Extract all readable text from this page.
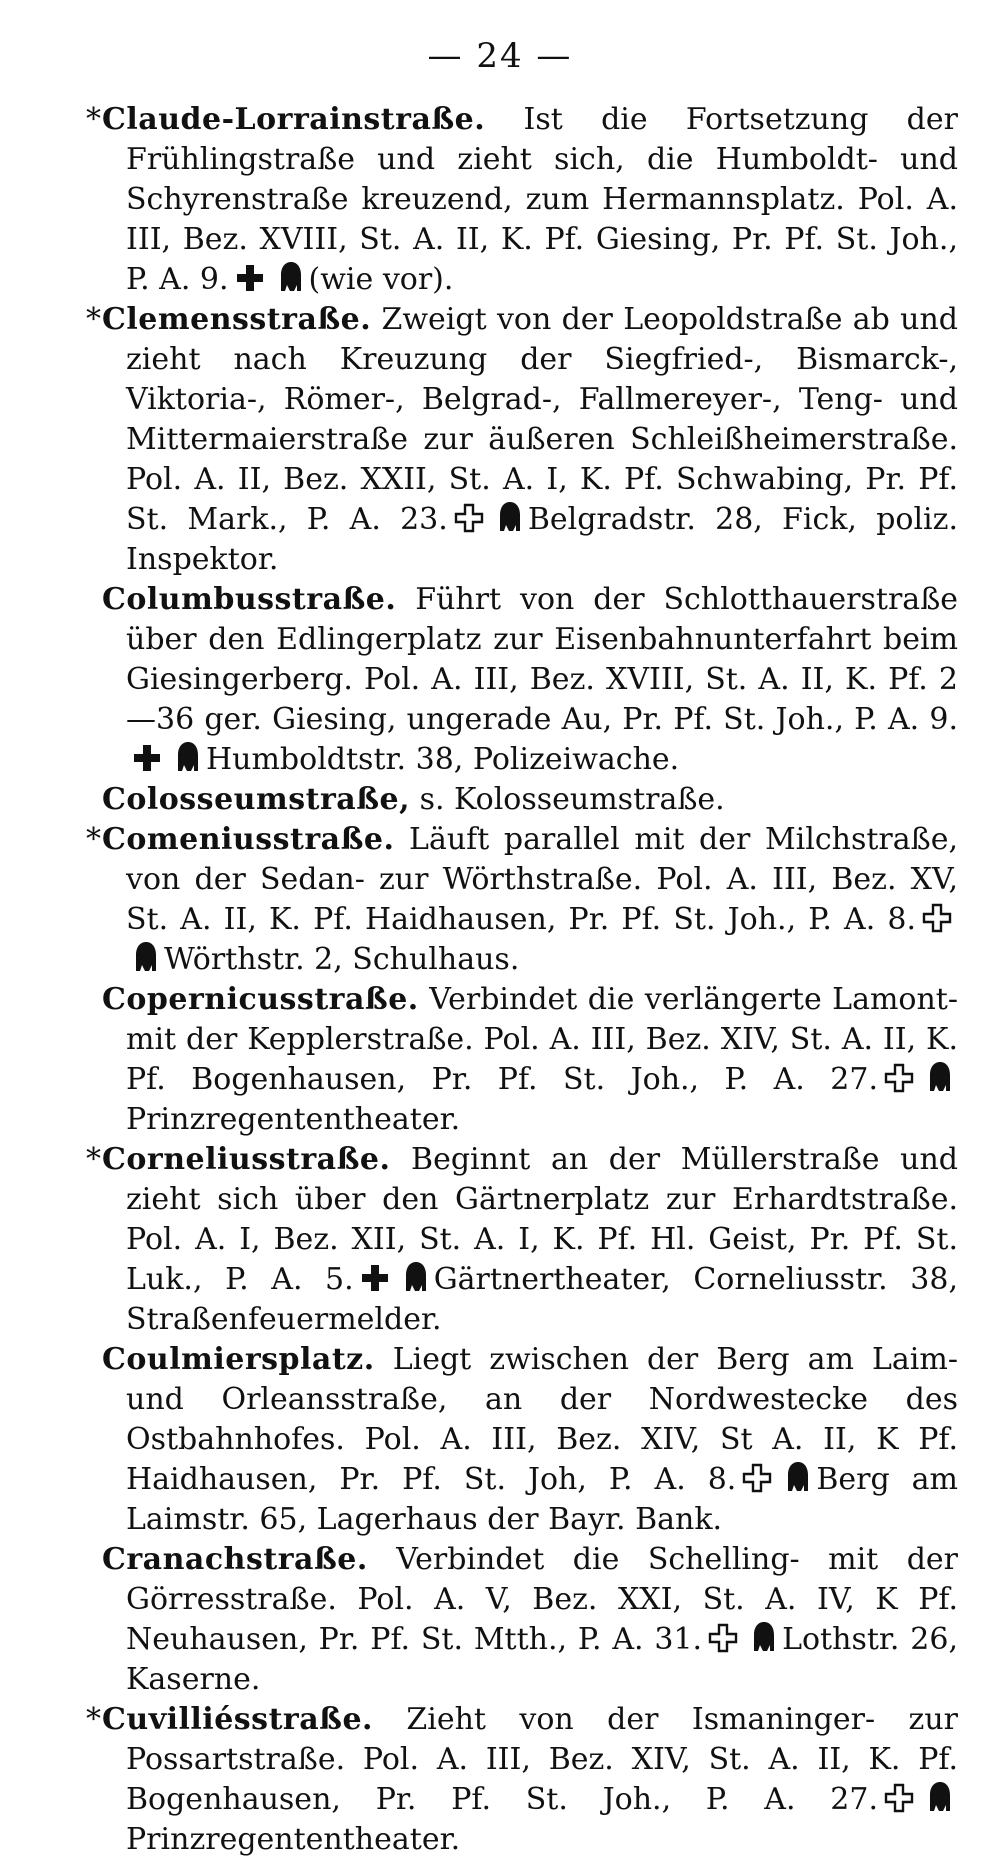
— 24 —

*Claude-Lorrainstraße. Ist die Fortsetzung der Frühlingstraße und zieht sich, die Humboldt- und Schyrenstraße kreuzend, zum Hermannsplatz. Pol. A. III, Bez. XVIII, St. A. II, K. Pf. Giesing, Pr. Pf. St. Joh., P. A. 9.	(wie vor).

*Clemensstraße. Zweigt von der Leopoldstraße ab und zieht nach Kreuzung der Siegfried-, Bismarck-, Viktoria-, Römer-, Belgrad-, Fallmereyer-, Teng- und Mittermaierstraße zur äußeren Schleißheimerstraße. Pol. A. II, Bez. XXII, St. A. I, K. Pf. Schwabing, Pr. Pf. St. Mark., P. A. 23.	Belgradstr. 28, Fick, poliz. Inspektor.

Columbusstraße. Führt von der Schlotthauerstraße über den Edlingerplatz zur Eisenbahnunterfahrt beim Giesingerberg. Pol. A. III, Bez. XVIII, St. A. II, K. Pf. 2—36 ger. Giesing, ungerade Au, Pr. Pf. St. Joh., P. A. 9.
Humboldtstr. 38, Polizeiwache.

Colosseumstraße, s. Kolosseumstraße.

*Comeniusstraße. Läuft parallel mit der Milchstraße, von der Sedan- zur Wörthstraße. Pol. A. III, Bez. XV, St. A. II, K. Pf. Haidhausen, Pr. Pf. St. Joh., P. A. 8.
Wörthstr. 2, Schulhaus.

Copernicusstraße. Verbindet die verlängerte Lamont- mit der Kepplerstraße. Pol. A. III, Bez. XIV, St. A. II, K. Pf. Bogenhausen, Pr. Pf. St. Joh., P. A. 27.
Prinzregententheater.

*Corneliusstraße. Beginnt an der Müllerstraße und zieht sich über den Gärtnerplatz zur Erhardtstraße. Pol. A. I, Bez. XII, St. A. I, K. Pf. Hl. Geist, Pr. Pf. St. Luk., P. A. 5.	Gärtnertheater, Corneliusstr. 38, Straßenfeuermelder.

Coulmiersplatz. Liegt zwischen der Berg am Laim- und Orleansstraße, an der Nordwestecke des Ostbahnhofes. Pol. A. III, Bez. XIV, St A. II, K Pf. Haidhausen, Pr. Pf. St. Joh, P. A. 8.	Berg am Laimstr. 65, Lagerhaus der Bayr. Bank.

Cranachstraße. Verbindet die Schelling- mit der Görresstraße. Pol. A. V, Bez. XXI, St. A. IV, K Pf. Neuhausen, Pr. Pf. St. Mtth., P. A. 31.	Lothstr. 26, Kaserne.

*Cuvilliésstraße. Zieht von der Ismaninger- zur Possartstraße. Pol. A. III, Bez. XIV, St. A. II, K. Pf. Bogenhausen, Pr. Pf. St. Joh., P. A. 27.
Prinzregententheater.
